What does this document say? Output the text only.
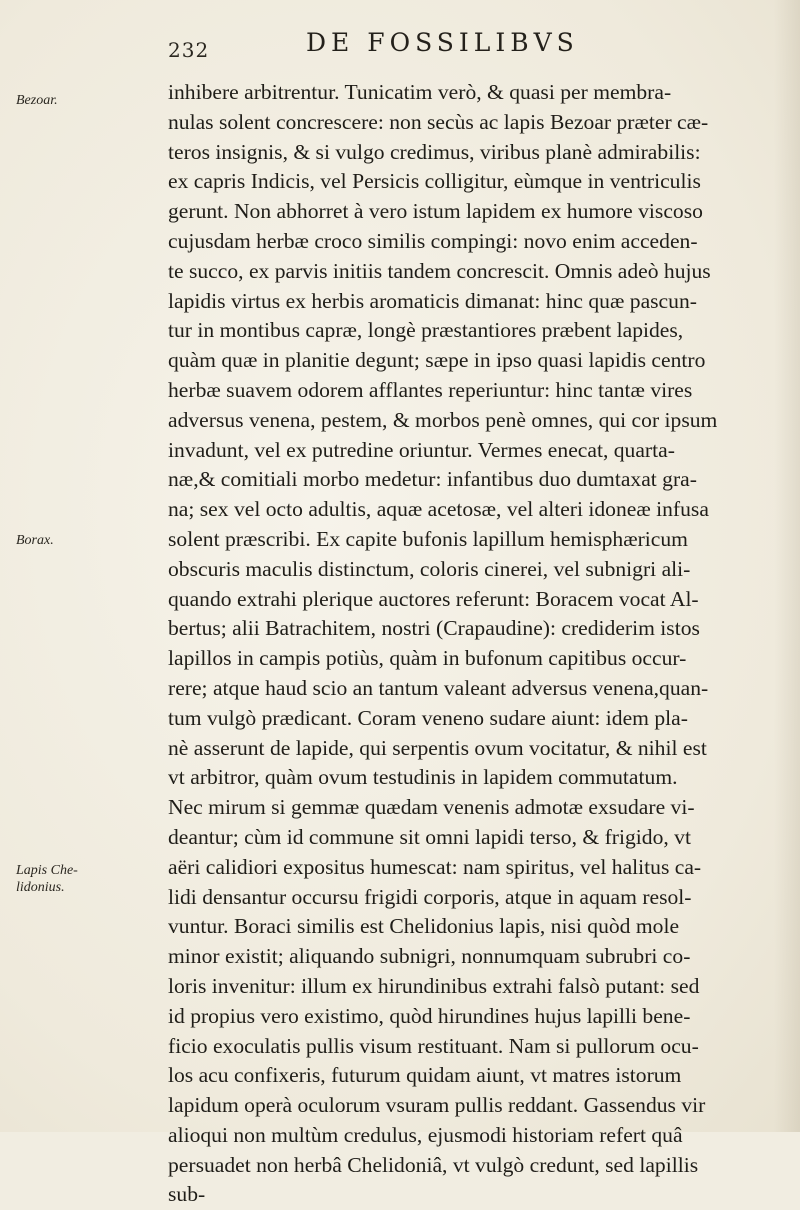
232	DE FOSSILIBVS

Bezoar.

Borax.

Lapis Che-
lidonius.

inhibere arbitrentur. Tunicatim verò, & quasi per membra-
nulas solent concrescere: non secùs ac lapis Bezoar præter cæ-
teros insignis, & si vulgo credimus, viribus planè admirabilis:
ex capris Indicis, vel Persicis colligitur, eùmque in ventriculis
gerunt. Non abhorret à vero istum lapidem ex humore viscoso
cujusdam herbæ croco similis compingi: novo enim acceden-
te succo, ex parvis initiis tandem concrescit. Omnis adeò hujus
lapidis virtus ex herbis aromaticis dimanat: hinc quæ pascun-
tur in montibus capræ, longè præstantiores præbent lapides,
quàm quæ in planitie degunt; sæpe in ipso quasi lapidis centro
herbæ suavem odorem afflantes reperiuntur: hinc tantæ vires
adversus venena, pestem, & morbos penè omnes, qui cor ipsum
invadunt, vel ex putredine oriuntur. Vermes enecat, quarta-
næ,& comitiali morbo medetur: infantibus duo dumtaxat gra-
na; sex vel octo adultis, aquæ acetosæ, vel alteri idoneæ infusa
solent præscribi. Ex capite bufonis lapillum hemisphæricum
obscuris maculis distinctum, coloris cinerei, vel subnigri ali-
quando extrahi plerique auctores referunt: Boracem vocat Al-
bertus; alii Batrachitem, nostri (Crapaudine): crediderim istos
lapillos in campis potiùs, quàm in bufonum capitibus occur-
rere; atque haud scio an tantum valeant adversus venena,quan-
tum vulgò prædicant. Coram veneno sudare aiunt: idem pla-
nè asserunt de lapide, qui serpentis ovum vocitatur, & nihil est
vt arbitror, quàm ovum testudinis in lapidem commutatum.
Nec mirum si gemmæ quædam venenis admotæ exsudare vi-
deantur; cùm id commune sit omni lapidi terso, & frigido, vt
aëri calidiori expositus humescat: nam spiritus, vel halitus ca-
lidi densantur occursu frigidi corporis, atque in aquam resol-
vuntur. Boraci similis est Chelidonius lapis, nisi quòd mole
minor existit; aliquando subnigri, nonnumquam subrubri co-
loris invenitur: illum ex hirundinibus extrahi falsò putant: sed
id propius vero existimo, quòd hirundines hujus lapilli bene-
ficio exoculatis pullis visum restituant. Nam si pullorum ocu-
los acu confixeris, futurum quidam aiunt, vt matres istorum
lapidum operà oculorum vsuram pullis reddant. Gassendus vir
alioqui non multùm credulus, ejusmodi historiam refert quâ
persuadet non herbâ Chelidoniâ, vt vulgò credunt, sed lapillis
sub-
